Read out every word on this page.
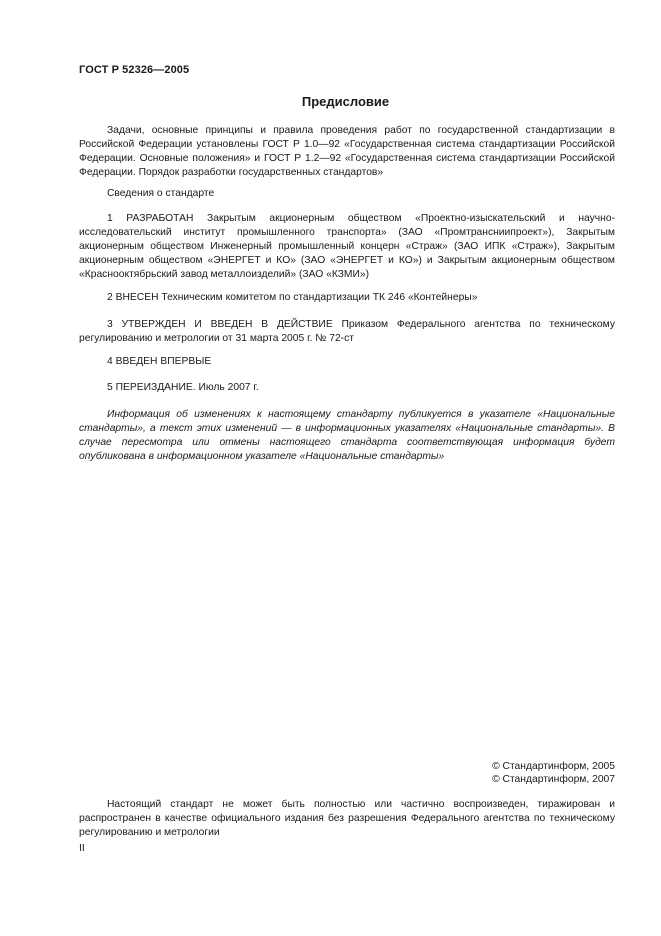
ГОСТ Р 52326—2005
Предисловие

Задачи, основные принципы и правила проведения работ по государственной стандартизации в Российской Федерации установлены ГОСТ Р 1.0—92 «Государственная система стандартизации Российской Федерации. Основные положения» и ГОСТ Р 1.2—92 «Государственная система стандартизации Российской Федерации. Порядок разработки государственных стандартов»

Сведения о стандарте

1 РАЗРАБОТАН Закрытым акционерным обществом «Проектно-изыскательский и научно-исследовательский институт промышленного транспорта» (ЗАО «Промтрансниипроект»), Закрытым акционерным обществом Инженерный промышленный концерн «Страж» (ЗАО ИПК «Страж»), Закрытым акционерным обществом «ЭНЕРГЕТ и КО» (ЗАО «ЭНЕРГЕТ и КО») и Закрытым акционерным обществом «Краснооктябрьский завод металлоизделий» (ЗАО «КЗМИ»)

2 ВНЕСЕН Техническим комитетом по стандартизации ТК 246 «Контейнеры»

3 УТВЕРЖДЕН И ВВЕДЕН В ДЕЙСТВИЕ Приказом Федерального агентства по техническому регулированию и метрологии от 31 марта 2005 г. № 72-ст

4 ВВЕДЕН ВПЕРВЫЕ

5 ПЕРЕИЗДАНИЕ. Июль 2007 г.

Информация об изменениях к настоящему стандарту публикуется в указателе «Национальные стандарты», а текст этих изменений — в информационных указателях «Национальные стандарты». В случае пересмотра или отмены настоящего стандарта соответствующая информация будет опубликована в информационном указателе «Национальные стандарты»

© Стандартинформ, 2005
© Стандартинформ, 2007

Настоящий стандарт не может быть полностью или частично воспроизведен, тиражирован и распространен в качестве официального издания без разрешения Федерального агентства по техническому регулированию и метрологии

II
